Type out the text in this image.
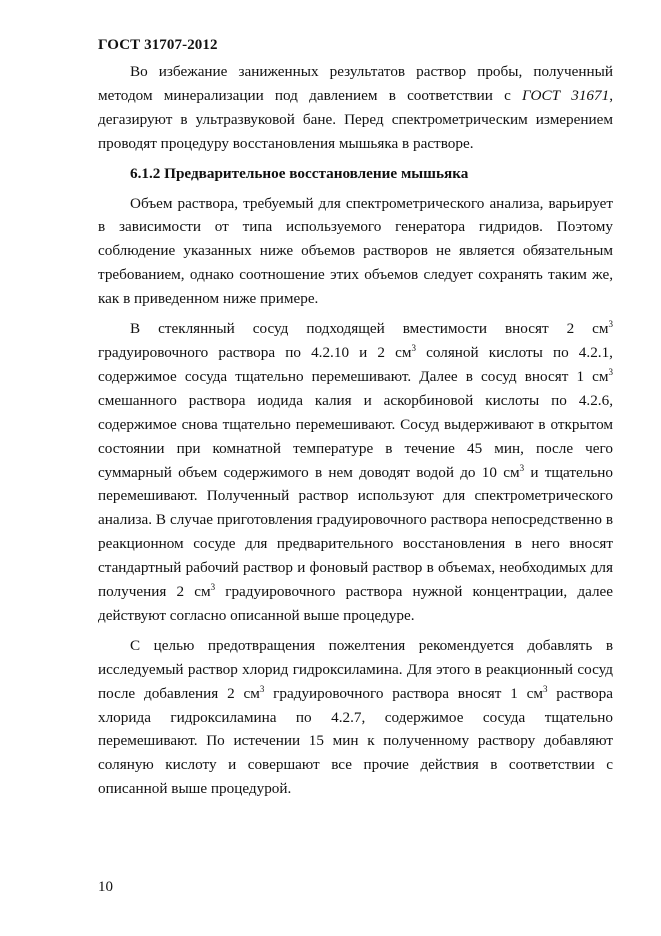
ГОСТ 31707-2012

Во избежание заниженных результатов раствор пробы, полученный методом минерализации под давлением в соответствии с ГОСТ 31671, дегазируют в ультразвуковой бане. Перед спектрометрическим измерением проводят процедуру восстановления мышьяка в растворе.

6.1.2 Предварительное восстановление мышьяка

Объем раствора, требуемый для спектрометрического анализа, варьирует в зависимости от типа используемого генератора гидридов. Поэтому соблюдение указанных ниже объемов растворов не является обязательным требованием, однако соотношение этих объемов следует сохранять таким же, как в приведенном ниже примере.

В стеклянный сосуд подходящей вместимости вносят 2 $см^3$ градуировочного раствора по 4.2.10 и 2 $см^3$ соляной кислоты по 4.2.1, содержимое сосуда тщательно перемешивают. Далее в сосуд вносят 1 $см^3$ смешанного раствора иодида калия и аскорбиновой кислоты по 4.2.6, содержимое снова тщательно перемешивают. Сосуд выдерживают в открытом состоянии при комнатной температуре в течение 45 мин, после чего суммарный объем содержимого в нем доводят водой до 10 $см^3$ и тщательно перемешивают. Полученный раствор используют для спектрометрического анализа. В случае приготовления градуировочного раствора непосредственно в реакционном сосуде для предварительного восстановления в него вносят стандартный рабочий раствор и фоновый раствор в объемах, необходимых для получения 2 $см^3$ градуировочного раствора нужной концентрации, далее действуют согласно описанной выше процедуре.

С целью предотвращения пожелтения рекомендуется добавлять в исследуемый раствор хлорид гидроксиламина. Для этого в реакционный сосуд после добавления 2 $см^3$ градуировочного раствора вносят 1 $см^3$ раствора хлорида гидроксиламина по 4.2.7, содержимое сосуда тщательно перемешивают. По истечении 15 мин к полученному раствору добавляют соляную кислоту и совершают все прочие действия в соответствии с описанной выше процедурой.

10
